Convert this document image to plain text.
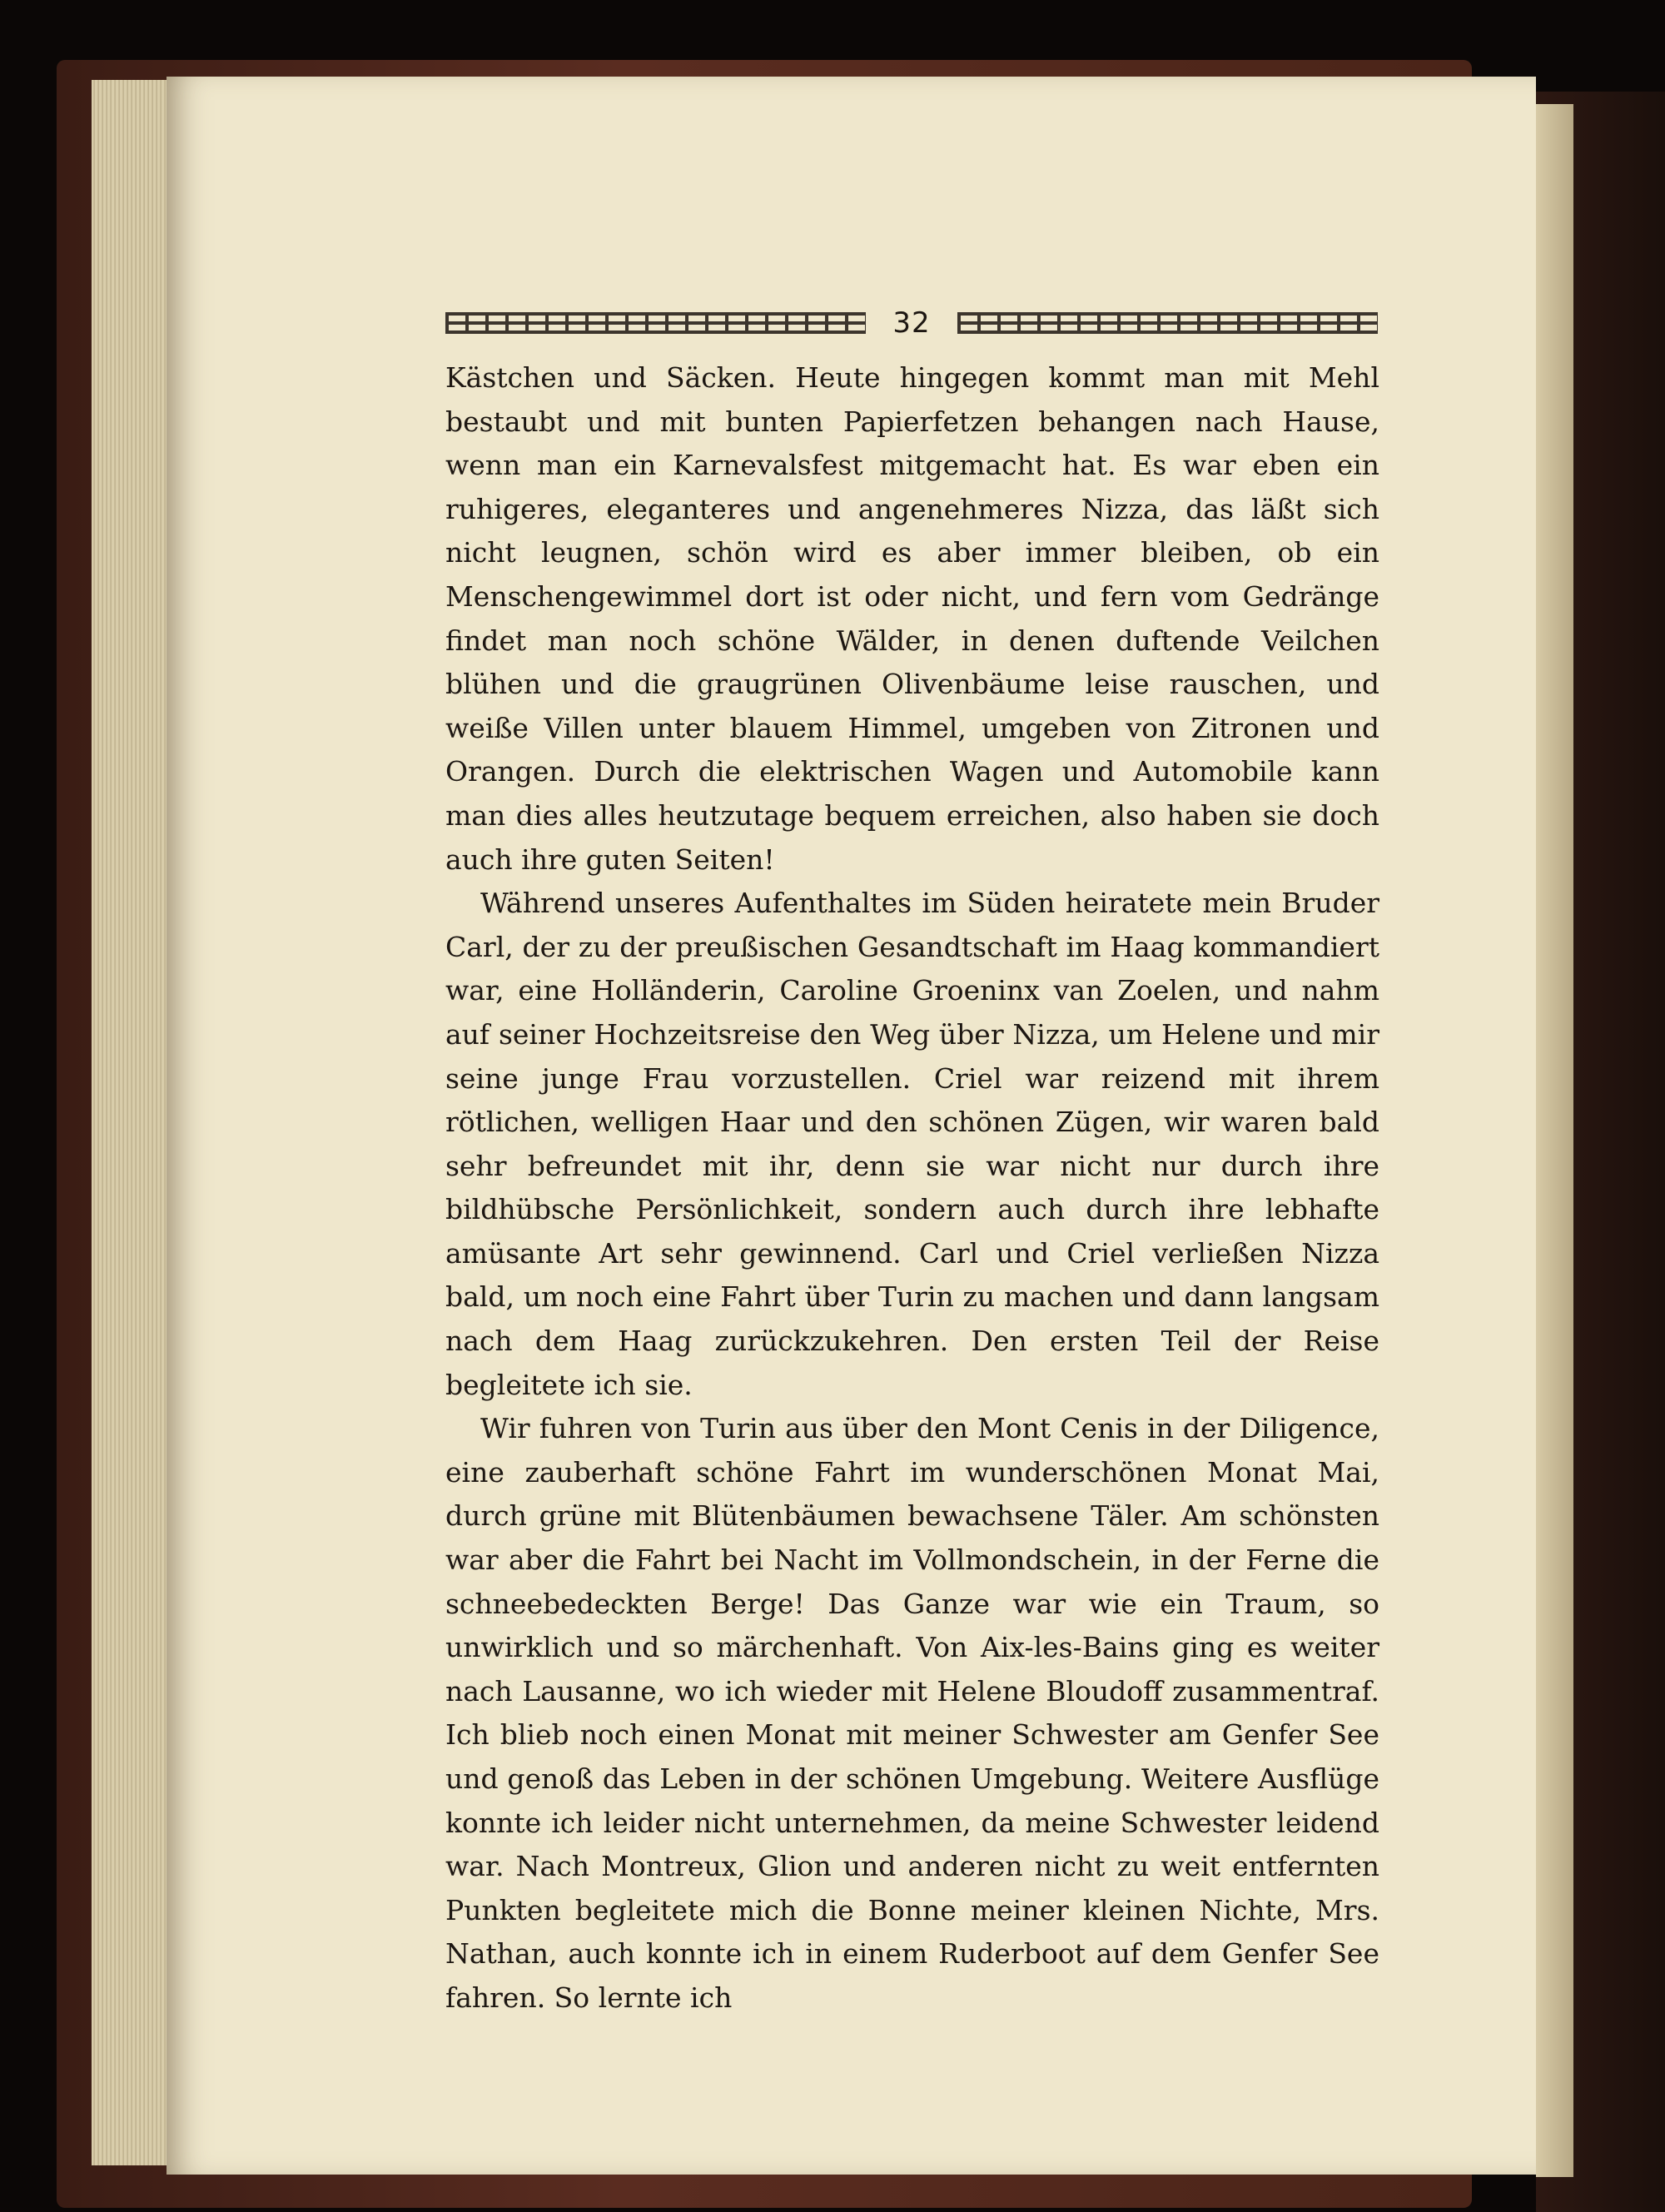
32

Kästchen und Säcken. Heute hingegen kommt man mit Mehl bestaubt und mit bunten Papierfetzen behangen nach Hause, wenn man ein Karnevalsfest mitgemacht hat. Es war eben ein ruhigeres, eleganteres und angenehmeres Nizza, das läßt sich nicht leugnen, schön wird es aber immer bleiben, ob ein Menschengewimmel dort ist oder nicht, und fern vom Gedränge findet man noch schöne Wälder, in denen duftende Veilchen blühen und die graugrünen Olivenbäume leise rauschen, und weiße Villen unter blauem Himmel, umgeben von Zitronen und Orangen. Durch die elektrischen Wagen und Automobile kann man dies alles heutzutage bequem erreichen, also haben sie doch auch ihre guten Seiten!

Während unseres Aufenthaltes im Süden heiratete mein Bruder Carl, der zu der preußischen Gesandtschaft im Haag kommandiert war, eine Holländerin, Caroline Groeninx van Zoelen, und nahm auf seiner Hochzeitsreise den Weg über Nizza, um Helene und mir seine junge Frau vorzustellen. Criel war reizend mit ihrem rötlichen, welligen Haar und den schönen Zügen, wir waren bald sehr befreundet mit ihr, denn sie war nicht nur durch ihre bildhübsche Persönlichkeit, sondern auch durch ihre lebhafte amüsante Art sehr gewinnend. Carl und Criel verließen Nizza bald, um noch eine Fahrt über Turin zu machen und dann langsam nach dem Haag zurückzukehren. Den ersten Teil der Reise begleitete ich sie.

Wir fuhren von Turin aus über den Mont Cenis in der Diligence, eine zauberhaft schöne Fahrt im wunderschönen Monat Mai, durch grüne mit Blütenbäumen bewachsene Täler. Am schönsten war aber die Fahrt bei Nacht im Vollmondschein, in der Ferne die schneebedeckten Berge! Das Ganze war wie ein Traum, so unwirklich und so märchenhaft. Von Aix-les-Bains ging es weiter nach Lausanne, wo ich wieder mit Helene Bloudoff zusammentraf. Ich blieb noch einen Monat mit meiner Schwester am Genfer See und genoß das Leben in der schönen Umgebung. Weitere Ausflüge konnte ich leider nicht unternehmen, da meine Schwester leidend war. Nach Montreux, Glion und anderen nicht zu weit entfernten Punkten begleitete mich die Bonne meiner kleinen Nichte, Mrs. Nathan, auch konnte ich in einem Ruderboot auf dem Genfer See fahren. So lernte ich
